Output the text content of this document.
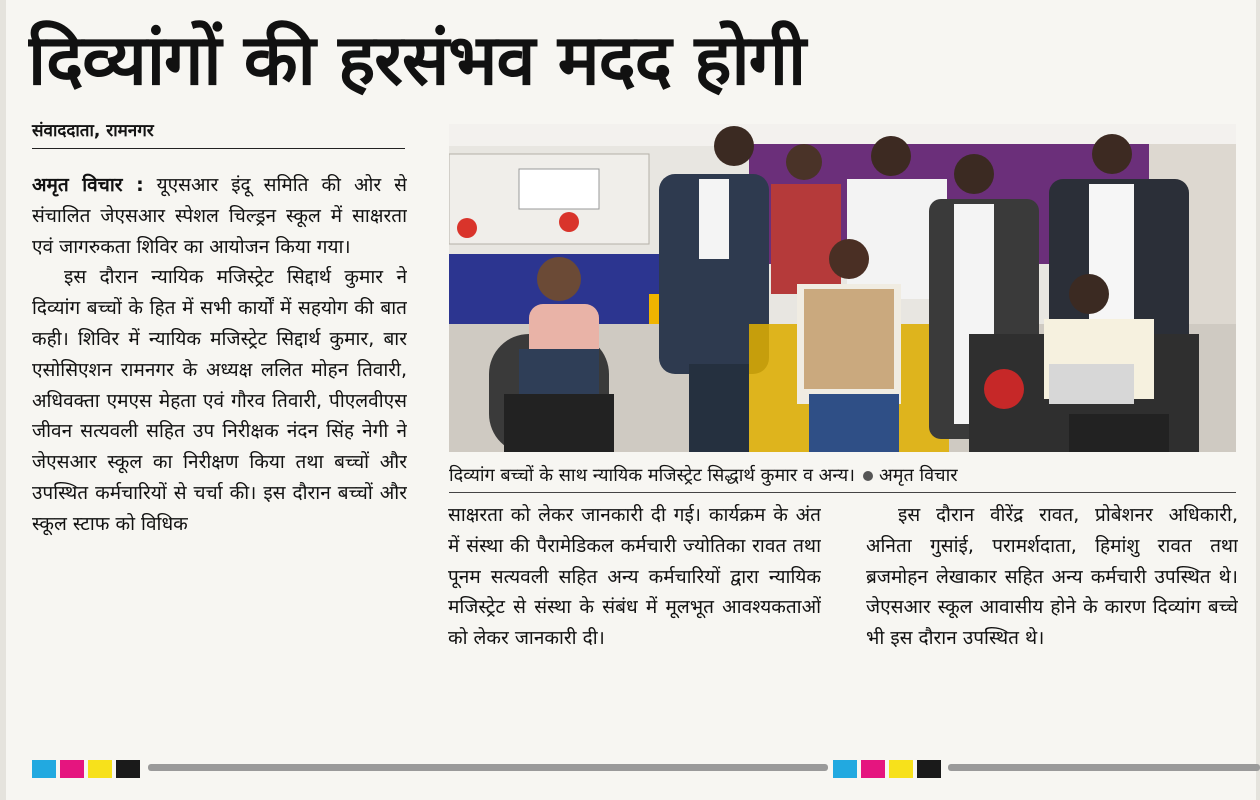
दिव्यांगों की हरसंभव मदद होगी
संवाददाता, रामनगर

अमृत विचार : यूएसआर इंदू समिति की ओर से संचालित जेएसआर स्पेशल चिल्ड्रन स्कूल में साक्षरता एवं जागरुकता शिविर का आयोजन किया गया।

इस दौरान न्यायिक मजिस्ट्रेट सिद्दार्थ कुमार ने दिव्यांग बच्चों के हित में सभी कार्यों में सहयोग की बात कही। शिविर में न्यायिक मजिस्ट्रेट सिद्दार्थ कुमार, बार एसोसिएशन रामनगर के अध्यक्ष ललित मोहन तिवारी, अधिवक्ता एमएस मेहता एवं गौरव तिवारी, पीएलवीएस जीवन सत्यवली सहित उप निरीक्षक नंदन सिंह नेगी ने जेएसआर स्कूल का निरीक्षण किया तथा बच्चों और उपस्थित कर्मचारियों से चर्चा की। इस दौरान बच्चों और स्कूल स्टाफ को विधिक

दिव्यांग बच्चों के साथ न्यायिक मजिस्ट्रेट सिद्धार्थ कुमार व अन्य। अमृत विचार

साक्षरता को लेकर जानकारी दी गई। कार्यक्रम के अंत में संस्था की पैरामेडिकल कर्मचारी ज्योतिका रावत तथा पूनम सत्यवली सहित अन्य कर्मचारियों द्वारा न्यायिक मजिस्ट्रेट से संस्था के संबंध में मूलभूत आवश्यकताओं को लेकर जानकारी दी।

इस दौरान वीरेंद्र रावत, प्रोबेशनर अधिकारी, अनिता गुसांई, परामर्शदाता, हिमांशु रावत तथा ब्रजमोहन लेखाकार सहित अन्य कर्मचारी उपस्थित थे। जेएसआर स्कूल आवासीय होने के कारण दिव्यांग बच्चे भी इस दौरान उपस्थित थे।
